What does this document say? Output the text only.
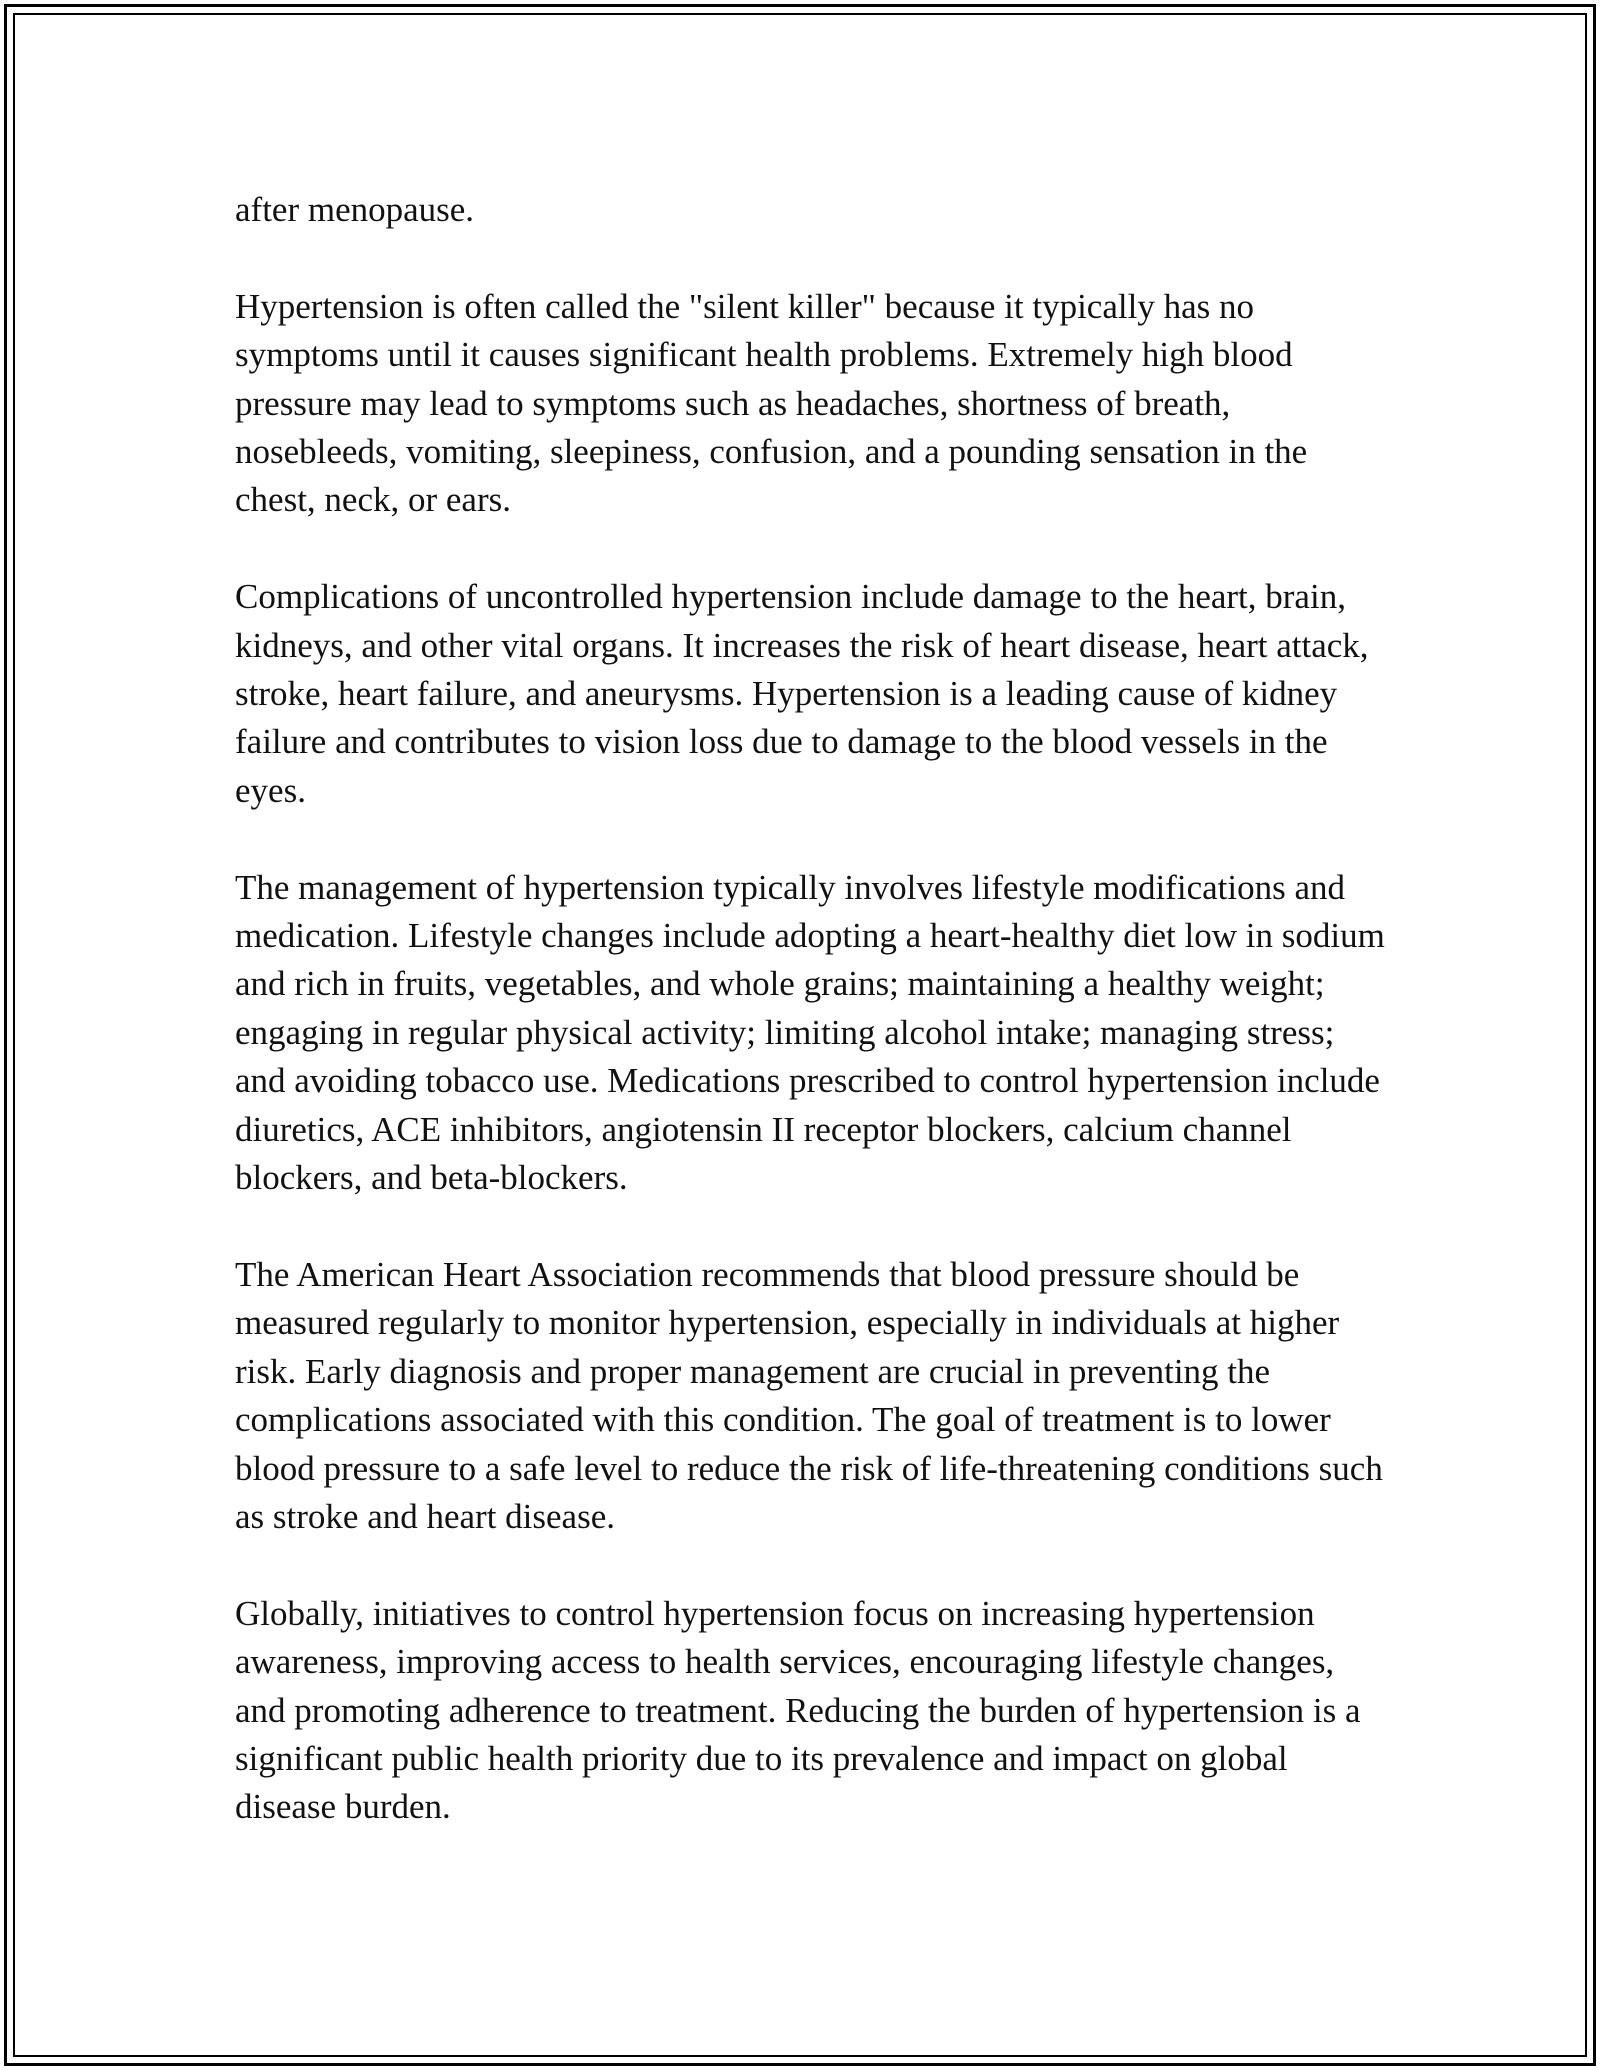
after menopause.

Hypertension is often called the "silent killer" because it typically has no symptoms until it causes significant health problems. Extremely high blood pressure may lead to symptoms such as headaches, shortness of breath, nosebleeds, vomiting, sleepiness, confusion, and a pounding sensation in the chest, neck, or ears.

Complications of uncontrolled hypertension include damage to the heart, brain, kidneys, and other vital organs. It increases the risk of heart disease, heart attack, stroke, heart failure, and aneurysms. Hypertension is a leading cause of kidney failure and contributes to vision loss due to damage to the blood vessels in the eyes.

The management of hypertension typically involves lifestyle modifications and medication. Lifestyle changes include adopting a heart-healthy diet low in sodium and rich in fruits, vegetables, and whole grains; maintaining a healthy weight; engaging in regular physical activity; limiting alcohol intake; managing stress; and avoiding tobacco use. Medications prescribed to control hypertension include diuretics, ACE inhibitors, angiotensin II receptor blockers, calcium channel blockers, and beta-blockers.

The American Heart Association recommends that blood pressure should be measured regularly to monitor hypertension, especially in individuals at higher risk. Early diagnosis and proper management are crucial in preventing the complications associated with this condition. The goal of treatment is to lower blood pressure to a safe level to reduce the risk of life-threatening conditions such as stroke and heart disease.

Globally, initiatives to control hypertension focus on increasing hypertension awareness, improving access to health services, encouraging lifestyle changes, and promoting adherence to treatment. Reducing the burden of hypertension is a significant public health priority due to its prevalence and impact on global disease burden.
